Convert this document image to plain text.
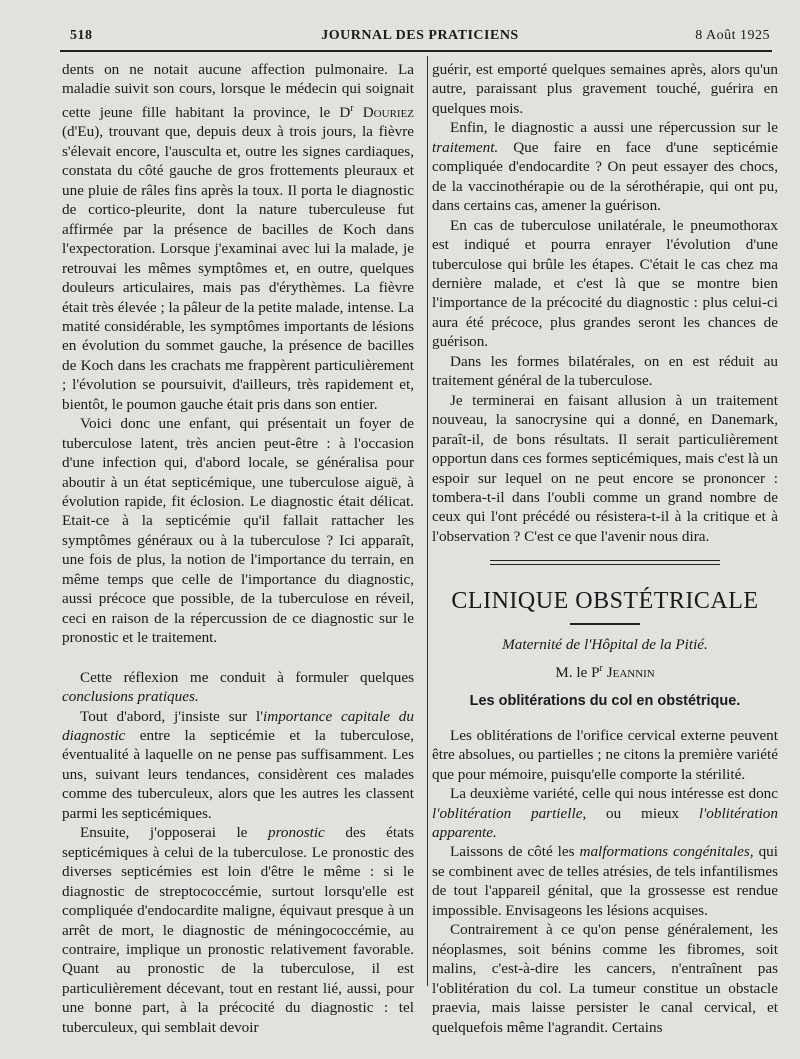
518	JOURNAL DES PRATICIENS	8 Août 1925

dents on ne notait aucune affection pulmonaire. La maladie suivit son cours, lorsque le médecin qui soignait cette jeune fille habitant la province, le $D^r$ Douriez (d'Eu), trouvant que, depuis deux à trois jours, la fièvre s'élevait encore, l'ausculta et, outre les signes cardiaques, constata du côté gauche de gros frottements pleuraux et une pluie de râles fins après la toux. Il porta le diagnostic de cortico-pleurite, dont la nature tuberculeuse fut affirmée par la présence de bacilles de Koch dans l'expectoration. Lorsque j'examinai avec lui la malade, je retrouvai les mêmes symptômes et, en outre, quelques douleurs articulaires, mais pas d'érythèmes. La fièvre était très élevée ; la pâleur de la petite malade, intense. La matité considérable, les symptômes importants de lésions en évolution du sommet gauche, la présence de bacilles de Koch dans les crachats me frappèrent particulièrement ; l'évolution se poursuivit, d'ailleurs, très rapidement et, bientôt, le poumon gauche était pris dans son entier.

Voici donc une enfant, qui présentait un foyer de tuberculose latent, très ancien peut-être : à l'occasion d'une infection qui, d'abord locale, se généralisa pour aboutir à un état septicémique, une tuberculose aiguë, à évolution rapide, fit éclosion. Le diagnostic était délicat. Etait-ce à la septicémie qu'il fallait rattacher les symptômes généraux ou à la tuberculose ? Ici apparaît, une fois de plus, la notion de l'importance du terrain, en même temps que celle de l'importance du diagnostic, aussi précoce que possible, de la tuberculose en réveil, ceci en raison de la répercussion de ce diagnostic sur le pronostic et le traitement.

Cette réflexion me conduit à formuler quelques conclusions pratiques.

Tout d'abord, j'insiste sur l'importance capitale du diagnostic entre la septicémie et la tuberculose, éventualité à laquelle on ne pense pas suffisamment. Les uns, suivant leurs tendances, considèrent ces malades comme des tuberculeux, alors que les autres les classent parmi les septicémiques.

Ensuite, j'opposerai le pronostic des états septicémiques à celui de la tuberculose. Le pronostic des diverses septicémies est loin d'être le même : si le diagnostic de streptococcémie, surtout lorsqu'elle est compliquée d'endocardite maligne, équivaut presque à un arrêt de mort, le diagnostic de méningococcémie, au contraire, implique un pronostic relativement favorable. Quant au pronostic de la tuberculose, il est particulièrement décevant, tout en restant lié, aussi, pour une bonne part, à la précocité du diagnostic : tel tuberculeux, qui semblait devoir

guérir, est emporté quelques semaines après, alors qu'un autre, paraissant plus gravement touché, guérira en quelques mois.

Enfin, le diagnostic a aussi une répercussion sur le traitement. Que faire en face d'une septicémie compliquée d'endocardite ? On peut essayer des chocs, de la vaccinothérapie ou de la sérothérapie, qui ont pu, dans certains cas, amener la guérison.

En cas de tuberculose unilatérale, le pneumothorax est indiqué et pourra enrayer l'évolution d'une tuberculose qui brûle les étapes. C'était le cas chez ma dernière malade, et c'est là que se montre bien l'importance de la précocité du diagnostic : plus celui-ci aura été précoce, plus grandes seront les chances de guérison.

Dans les formes bilatérales, on en est réduit au traitement général de la tuberculose.

Je terminerai en faisant allusion à un traitement nouveau, la sanocrysine qui a donné, en Danemark, paraît-il, de bons résultats. Il serait particulièrement opportun dans ces formes septicémiques, mais c'est là un espoir sur lequel on ne peut encore se prononcer : tombera-t-il dans l'oubli comme un grand nombre de ceux qui l'ont précédé ou résistera-t-il à la critique et à l'observation ? C'est ce que l'avenir nous dira.

CLINIQUE OBSTÉTRICALE

Maternité de l'Hôpital de la Pitié.

M. le $P^r$ Jeannin

Les oblitérations du col en obstétrique.

Les oblitérations de l'orifice cervical externe peuvent être absolues, ou partielles ; ne citons la première variété que pour mémoire, puisqu'elle comporte la stérilité.

La deuxième variété, celle qui nous intéresse est donc l'oblitération partielle, ou mieux l'oblitération apparente.

Laissons de côté les malformations congénitales, qui se combinent avec de telles atrésies, de tels infantilismes de tout l'appareil génital, que la grossesse est rendue impossible. Envisageons les lésions acquises.

Contrairement à ce qu'on pense généralement, les néoplasmes, soit bénins comme les fibromes, soit malins, c'est-à-dire les cancers, n'entraînent pas l'oblitération du col. La tumeur constitue un obstacle praevia, mais laisse persister le canal cervical, et quelquefois même l'agrandit. Certains
